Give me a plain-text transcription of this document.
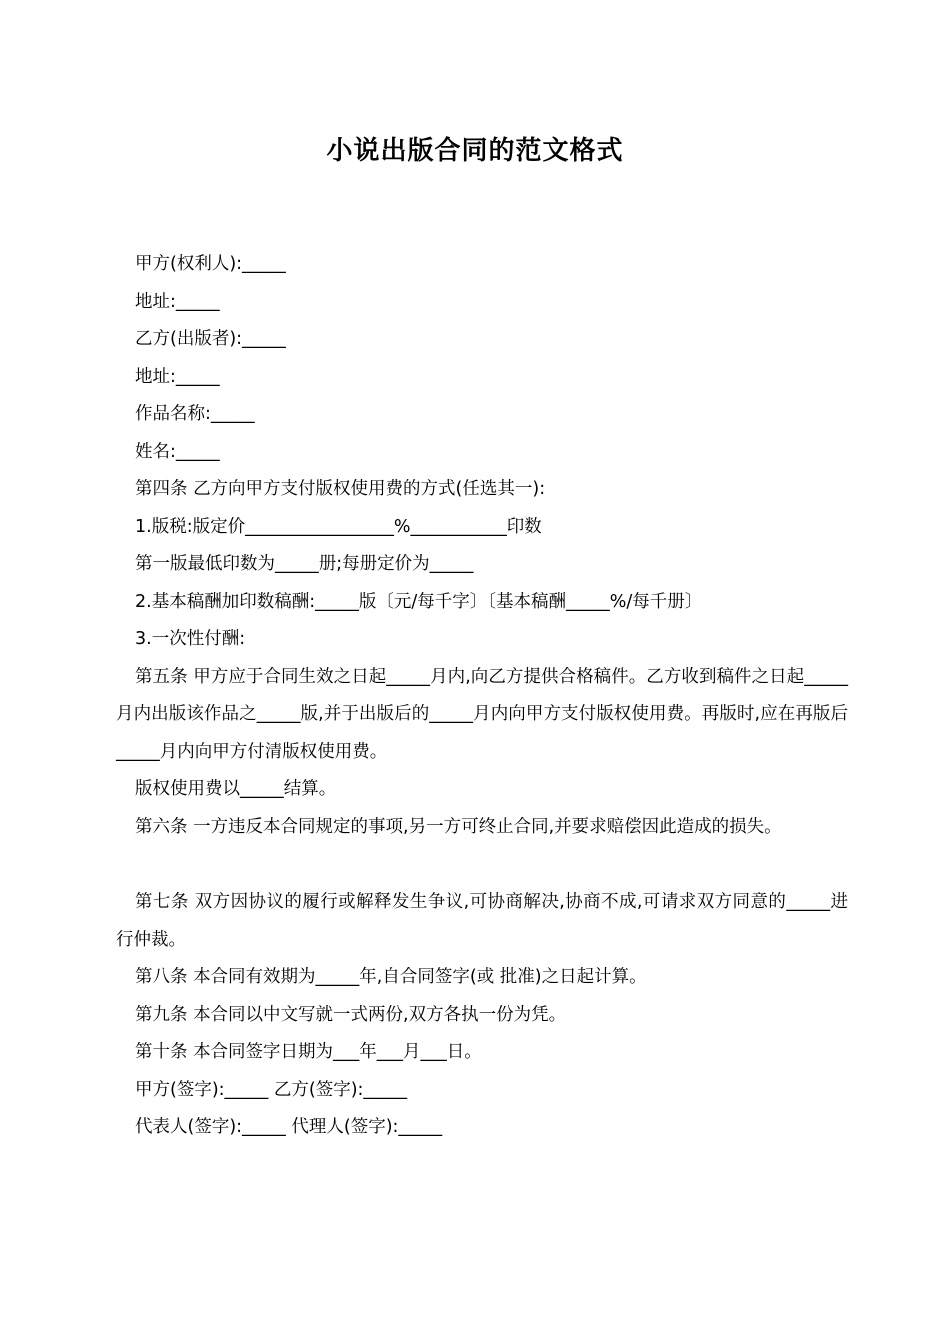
小说出版合同的范文格式
甲方(权利人):_____
地址:_____
乙方(出版者):_____
地址:_____
作品名称:_____
姓名:_____
第四条 乙方向甲方支付版权使用费的方式(任选其一):
1.版税:版定价_________________%___________印数
第一版最低印数为_____册;每册定价为_____
2.基本稿酬加印数稿酬:_____版〔元/每千字〕〔基本稿酬_____%/每千册〕
3.一次性付酬:
第五条 甲方应于合同生效之日起_____月内,向乙方提供合格稿件。乙方收到稿件之日起_____月内出版该作品之_____版,并于出版后的_____月内向甲方支付版权使用费。再版时,应在再版后_____月内向甲方付清版权使用费。
版权使用费以_____结算。
第六条 一方违反本合同规定的事项,另一方可终止合同,并要求赔偿因此造成的损失。
第七条 双方因协议的履行或解释发生争议,可协商解决,协商不成,可请求双方同意的_____进行仲裁。
第八条 本合同有效期为_____年,自合同签字(或 批准)之日起计算。
第九条 本合同以中文写就一式两份,双方各执一份为凭。
第十条 本合同签字日期为___年___月___日。
甲方(签字):_____ 乙方(签字):_____
代表人(签字):_____ 代理人(签字):_____
